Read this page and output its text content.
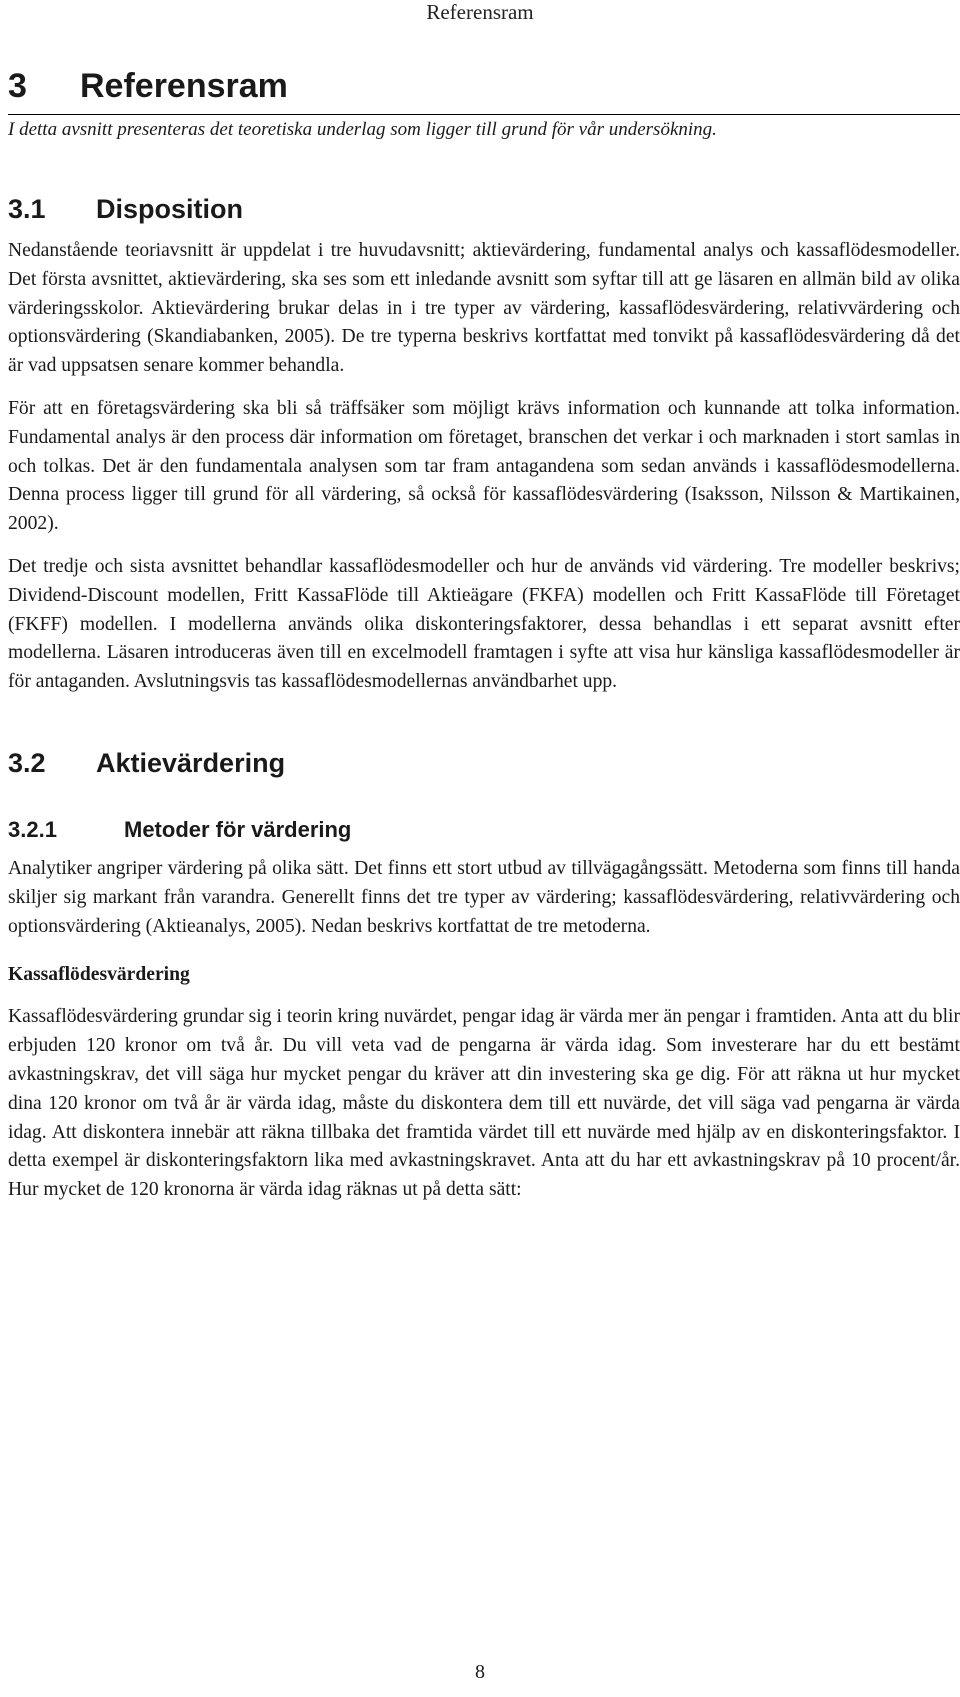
Referensram
3 Referensram

I detta avsnitt presenteras det teoretiska underlag som ligger till grund för vår undersökning.

3.1 Disposition

Nedanstående teoriavsnitt är uppdelat i tre huvudavsnitt; aktievärdering, fundamental analys och kassaflödesmodeller. Det första avsnittet, aktievärdering, ska ses som ett inledande avsnitt som syftar till att ge läsaren en allmän bild av olika värderingsskolor. Aktievärdering brukar delas in i tre typer av värdering, kassaflödesvärdering, relativvärdering och optionsvärdering (Skandiabanken, 2005). De tre typerna beskrivs kortfattat med tonvikt på kassaflödesvärdering då det är vad uppsatsen senare kommer behandla.

För att en företagsvärdering ska bli så träffsäker som möjligt krävs information och kunnande att tolka information. Fundamental analys är den process där information om företaget, branschen det verkar i och marknaden i stort samlas in och tolkas. Det är den fundamentala analysen som tar fram antagandena som sedan används i kassaflödesmodellerna. Denna process ligger till grund för all värdering, så också för kassaflödesvärdering (Isaksson, Nilsson & Martikainen, 2002).

Det tredje och sista avsnittet behandlar kassaflödesmodeller och hur de används vid värdering. Tre modeller beskrivs; Dividend-Discount modellen, Fritt KassaFlöde till Aktieägare (FKFA) modellen och Fritt KassaFlöde till Företaget (FKFF) modellen. I modellerna används olika diskonteringsfaktorer, dessa behandlas i ett separat avsnitt efter modellerna. Läsaren introduceras även till en excelmodell framtagen i syfte att visa hur känsliga kassaflödesmodeller är för antaganden. Avslutningsvis tas kassaflödesmodellernas användbarhet upp.

3.2 Aktievärdering
3.2.1	Metoder för värdering

Analytiker angriper värdering på olika sätt. Det finns ett stort utbud av tillvägagångssätt. Metoderna som finns till handa skiljer sig markant från varandra. Generellt finns det tre typer av värdering; kassaflödesvärdering, relativvärdering och optionsvärdering (Aktieanalys, 2005). Nedan beskrivs kortfattat de tre metoderna.

Kassaflödesvärdering

Kassaflödesvärdering grundar sig i teorin kring nuvärdet, pengar idag är värda mer än pengar i framtiden. Anta att du blir erbjuden 120 kronor om två år. Du vill veta vad de pengarna är värda idag. Som investerare har du ett bestämt avkastningskrav, det vill säga hur mycket pengar du kräver att din investering ska ge dig. För att räkna ut hur mycket dina 120 kronor om två år är värda idag, måste du diskontera dem till ett nuvärde, det vill säga vad pengarna är värda idag. Att diskontera innebär att räkna tillbaka det framtida värdet till ett nuvärde med hjälp av en diskonteringsfaktor. I detta exempel är diskonteringsfaktorn lika med avkastningskravet. Anta att du har ett avkastningskrav på 10 procent/år. Hur mycket de 120 kronorna är värda idag räknas ut på detta sätt:

8
